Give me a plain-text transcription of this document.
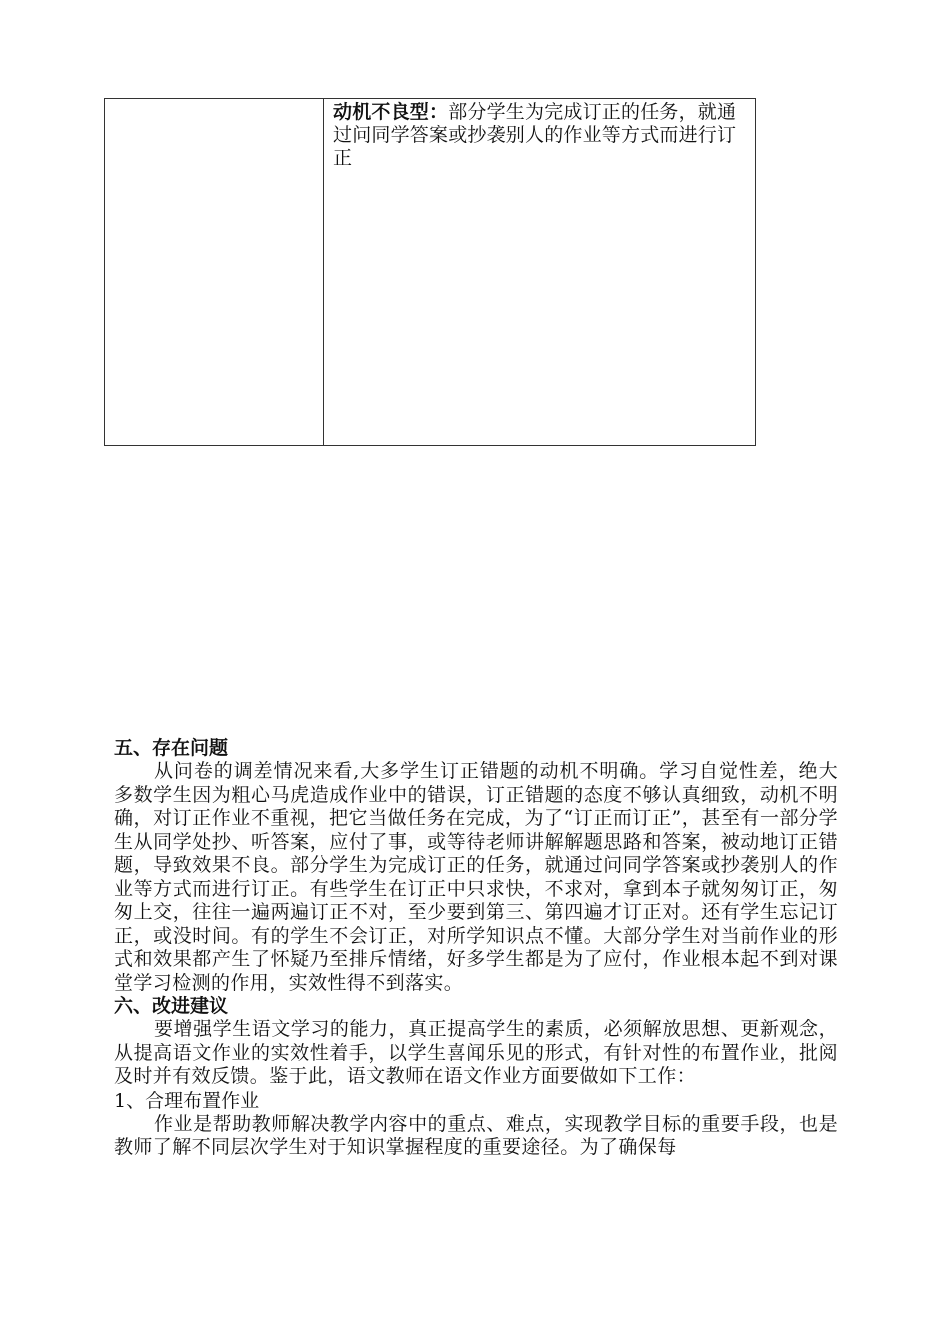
动机不良型：部分学生为完成订正的任务，就通过问同学答案或抄袭别人的作业等方式而进行订正

五、存在问题

从问卷的调差情况来看,大多学生订正错题的动机不明确。学习自觉性差，绝大多数学生因为粗心马虎造成作业中的错误，订正错题的态度不够认真细致，动机不明确，对订正作业不重视，把它当做任务在完成，为了“订正而订正”，甚至有一部分学生从同学处抄、听答案，应付了事，或等待老师讲解解题思路和答案，被动地订正错题，导致效果不良。部分学生为完成订正的任务，就通过问同学答案或抄袭别人的作业等方式而进行订正。有些学生在订正中只求快，不求对，拿到本子就匆匆订正，匆匆上交，往往一遍两遍订正不对，至少要到第三、第四遍才订正对。还有学生忘记订正，或没时间。有的学生不会订正，对所学知识点不懂。大部分学生对当前作业的形式和效果都产生了怀疑乃至排斥情绪，好多学生都是为了应付，作业根本起不到对课堂学习检测的作用，实效性得不到落实。

六、改进建议

要增强学生语文学习的能力，真正提高学生的素质，必须解放思想、更新观念，从提高语文作业的实效性着手，以学生喜闻乐见的形式，有针对性的布置作业，批阅及时并有效反馈。鉴于此，语文教师在语文作业方面要做如下工作：

1、合理布置作业

作业是帮助教师解决教学内容中的重点、难点，实现教学目标的重要手段，也是教师了解不同层次学生对于知识掌握程度的重要途径。为了确保每
